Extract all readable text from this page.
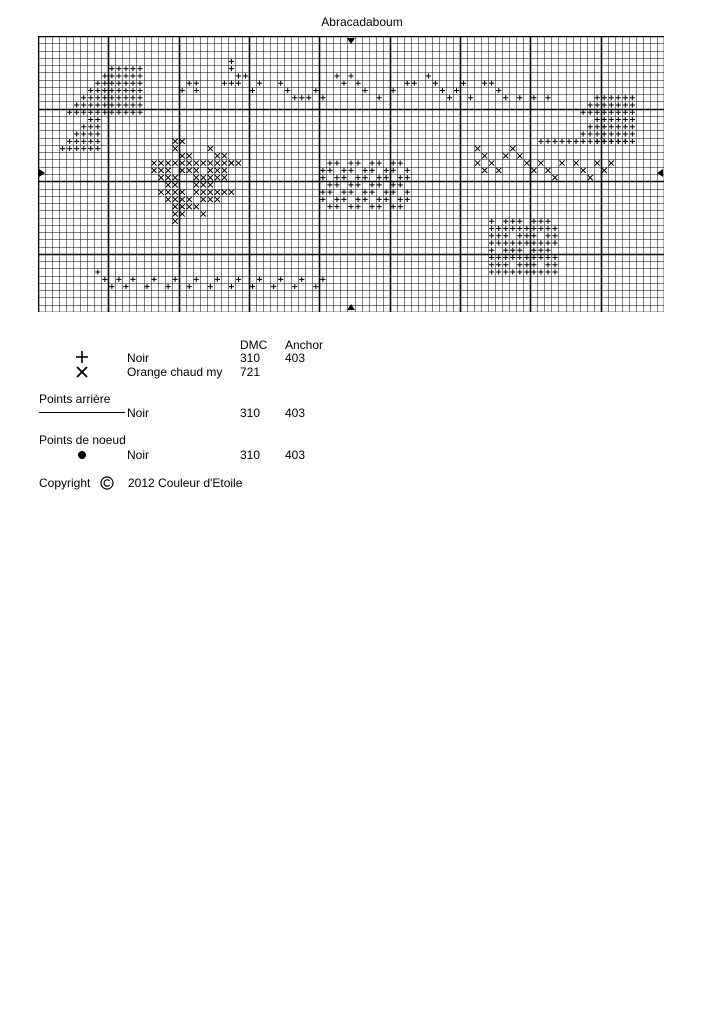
Abracadaboum
DMC Anchor
Noir	310 403
Orange chaud my 721
Points arrière
Noir	310 403
Points de noeud
Noir	310 403
Copyright	2012 Couleur d'Etoile
